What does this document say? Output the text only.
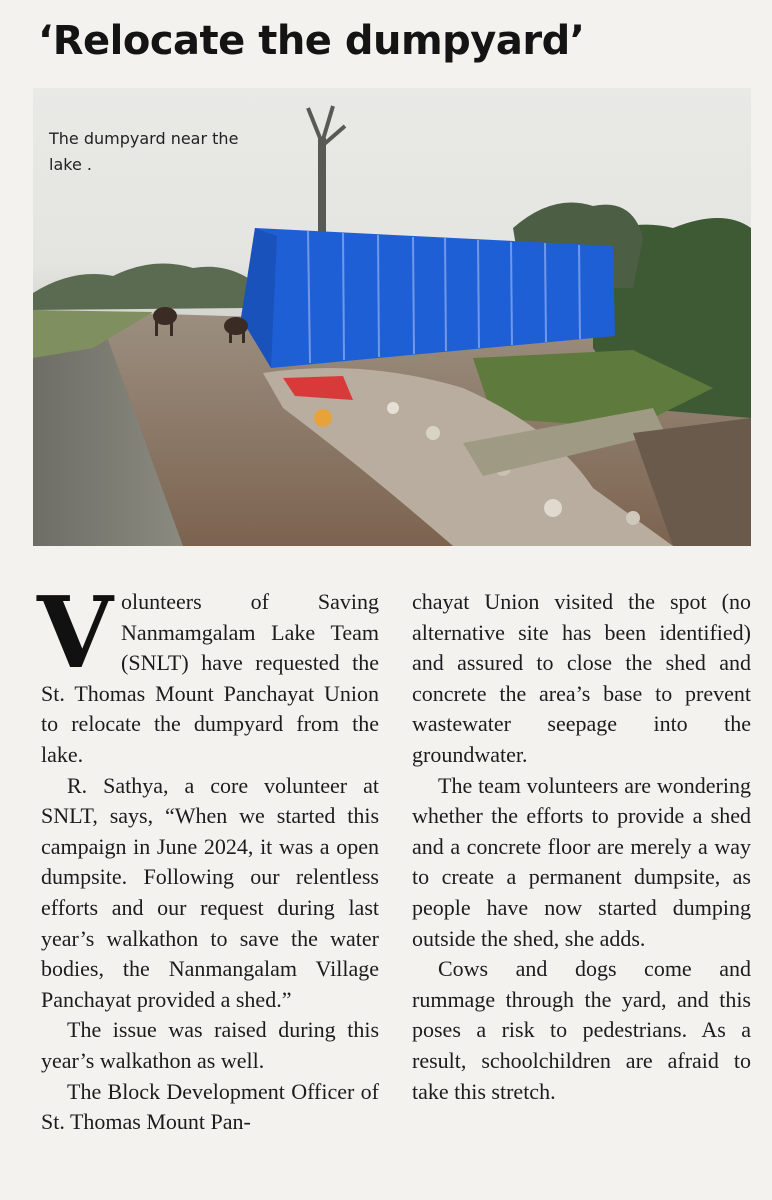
‘Relocate the dumpyard’
The dumpyard near the lake .

Volunteers of Saving Nanmamgalam Lake Team (SNLT) have requested the St. Thomas Mount Panchayat Union to relocate the dumpyard from the lake.

R. Sathya, a core volunteer at SNLT, says, “When we started this campaign in June 2024, it was a open dumpsite. Following our relentless efforts and our request during last year’s walkathon to save the water bodies, the Nanmangalam Village Panchayat provided a shed.”

The issue was raised during this year’s walkathon as well.

The Block Development Officer of St. Thomas Mount Pan-

chayat Union visited the spot (no alternative site has been identified) and assured to close the shed and concrete the area’s base to prevent wastewater seepage into the groundwater.

The team volunteers are wondering whether the efforts to provide a shed and a concrete floor are merely a way to create a permanent dumpsite, as people have now started dumping outside the shed, she adds.

Cows and dogs come and rummage through the yard, and this poses a risk to pedestrians. As a result, schoolchildren are afraid to take this stretch.
